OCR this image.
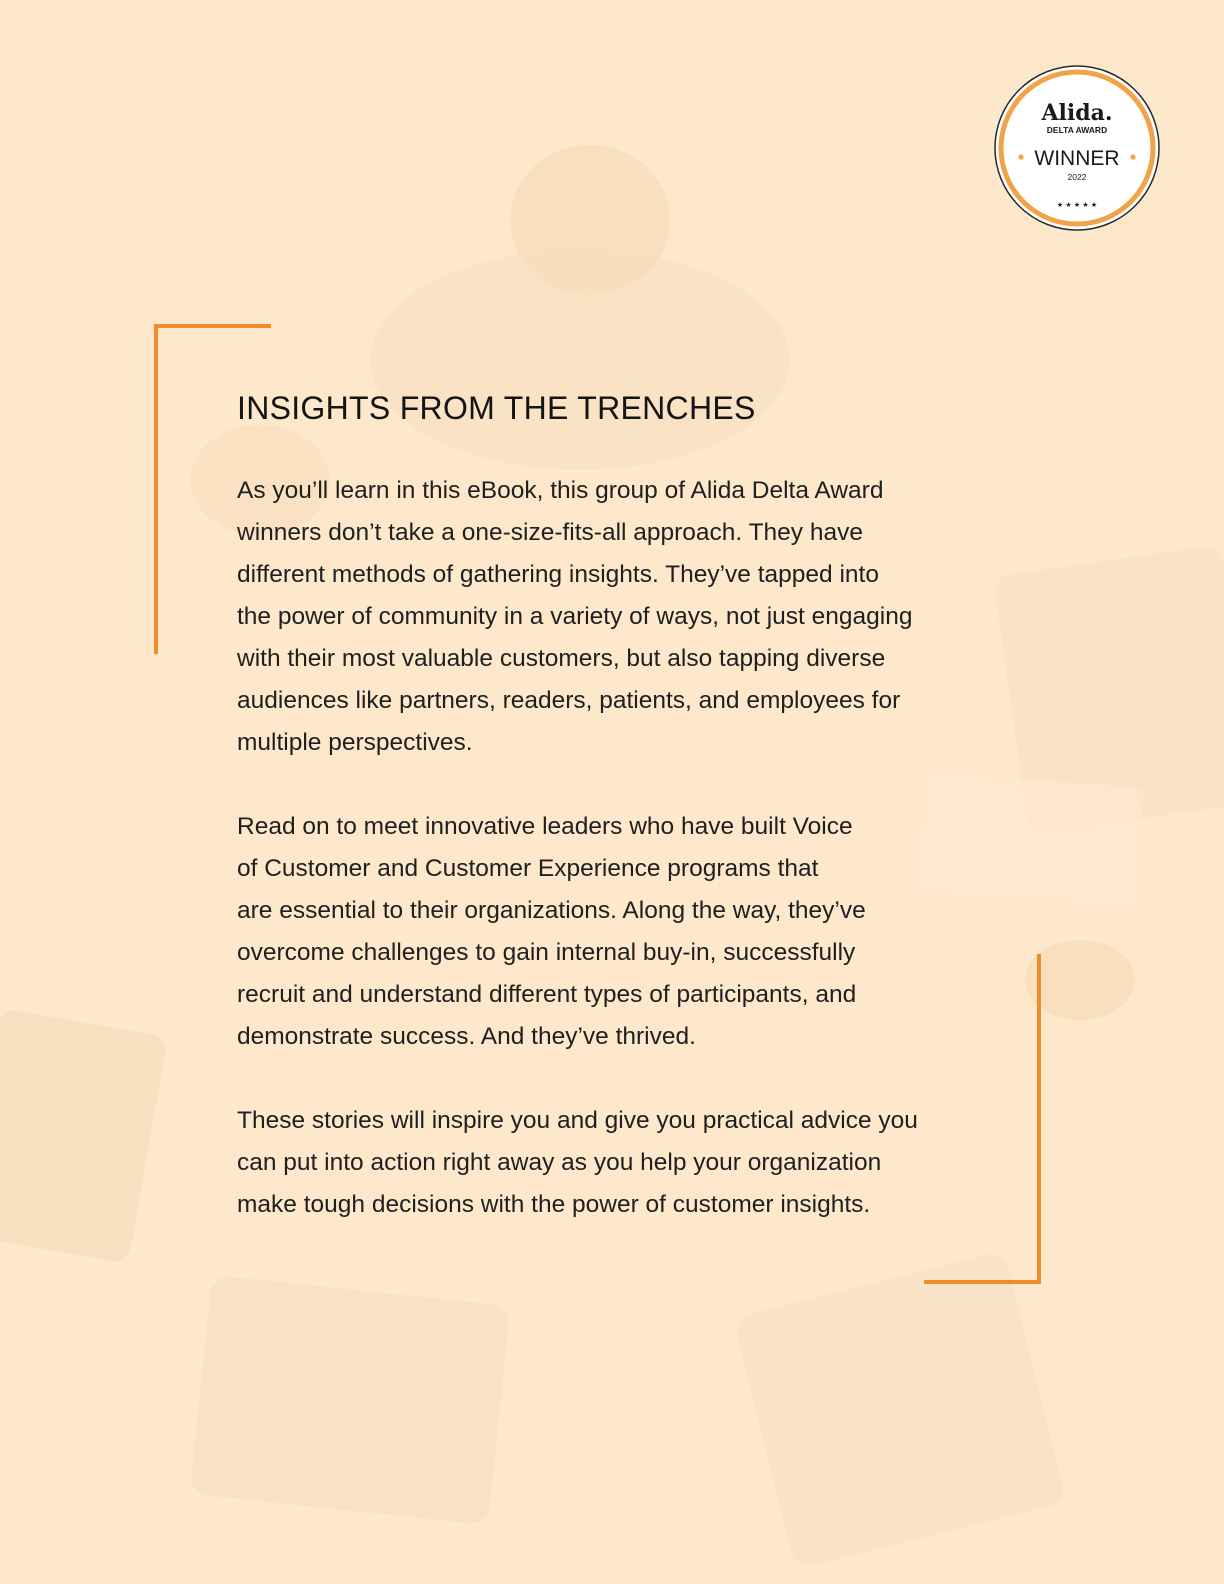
Alida.
DELTA AWARD
WINNER
2022
★ ★ ★ ★ ★
INSIGHTS FROM THE TRENCHES

As you’ll learn in this eBook, this group of Alida Delta Award
winners don’t take a one-size-fits-all approach. They have
different methods of gathering insights. They’ve tapped into
the power of community in a variety of ways, not just engaging
with their most valuable customers, but also tapping diverse
audiences like partners, readers, patients, and employees for
multiple perspectives.

Read on to meet innovative leaders who have built Voice
of Customer and Customer Experience programs that
are essential to their organizations. Along the way, they’ve
overcome challenges to gain internal buy-in, successfully
recruit and understand different types of participants, and
demonstrate success. And they’ve thrived.

These stories will inspire you and give you practical advice you
can put into action right away as you help your organization
make tough decisions with the power of customer insights.
